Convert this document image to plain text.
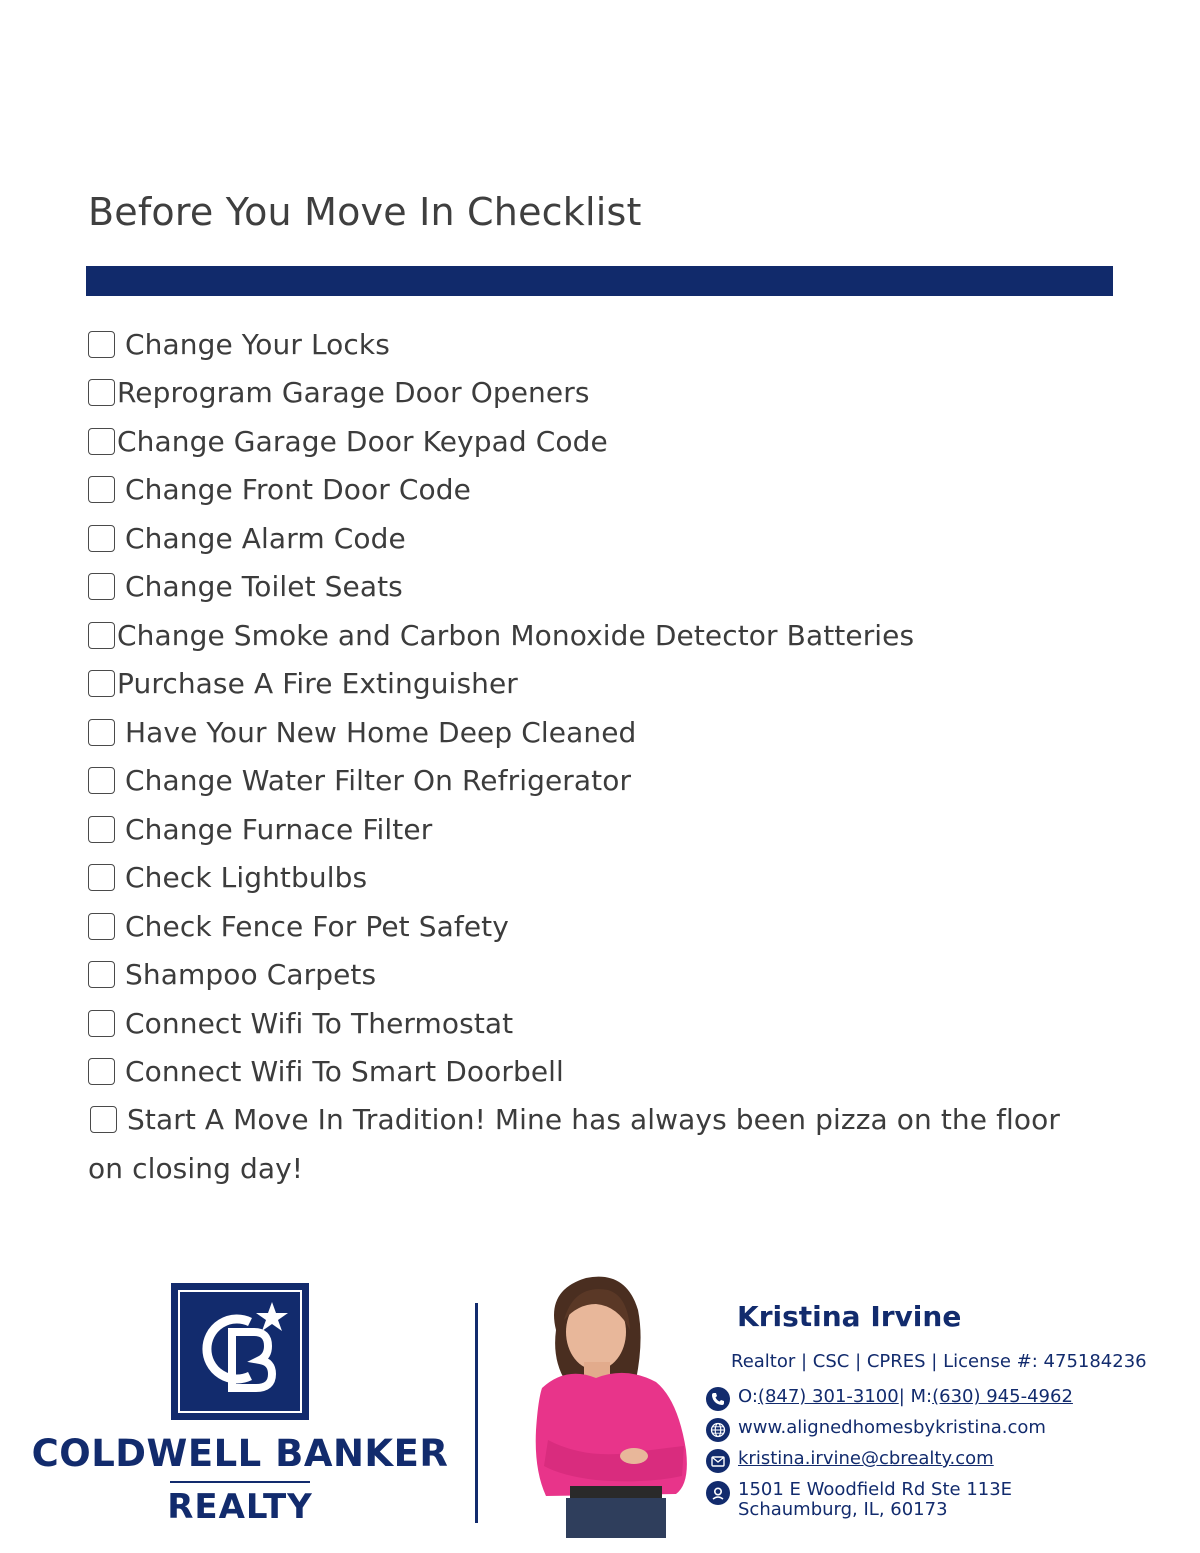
Before You Move In Checklist
Change Your Locks
Reprogram Garage Door Openers
Change Garage Door Keypad Code
Change Front Door Code
Change Alarm Code
Change Toilet Seats
Change Smoke and Carbon Monoxide Detector Batteries
Purchase A Fire Extinguisher
Have Your New Home Deep Cleaned
Change Water Filter On Refrigerator
Change Furnace Filter
Check Lightbulbs
Check Fence For Pet Safety
Shampoo Carpets
Connect Wifi To Thermostat
Connect Wifi To Smart Doorbell
Start A Move In Tradition! Mine has always been pizza on the floor
on closing day!
COLDWELL BANKER
REALTY
Kristina Irvine
Realtor | CSC | CPRES | License #: 475184236
O: (847) 301-3100 | M: (630) 945-4962
www.alignedhomesbykristina.com
kristina.irvine@cbrealty.com
1501 E Woodfield Rd Ste 113E
Schaumburg, IL, 60173
